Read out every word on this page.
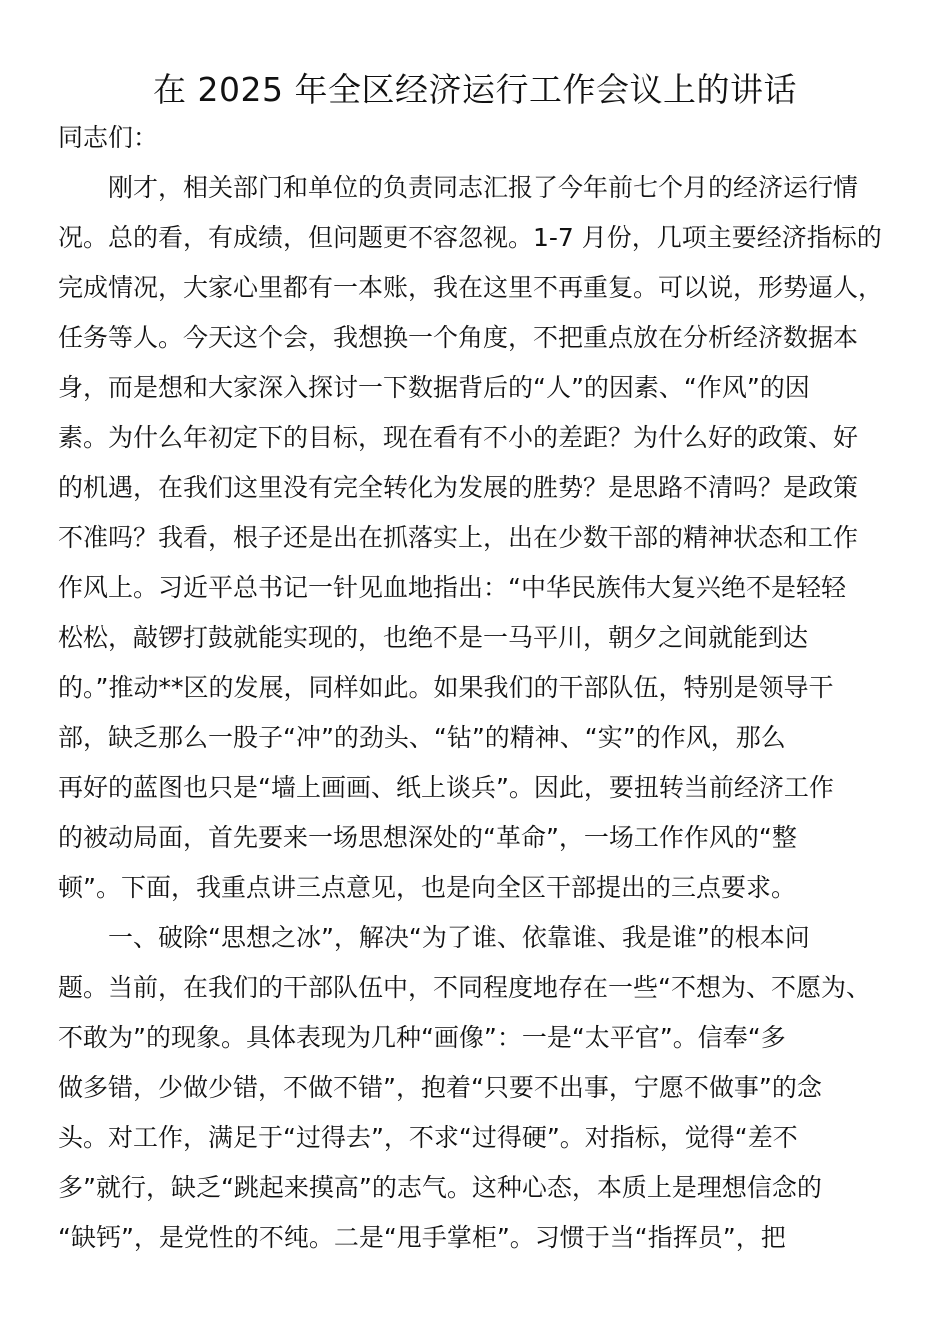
在 2025 年全区经济运行工作会议上的讲话

同志们：

刚才，相关部门和单位的负责同志汇报了今年前七个月的经济运行情
况。总的看，有成绩，但问题更不容忽视。1-7 月份，几项主要经济指标的
完成情况，大家心里都有一本账，我在这里不再重复。可以说，形势逼人，
任务等人。今天这个会，我想换一个角度，不把重点放在分析经济数据本
身，而是想和大家深入探讨一下数据背后的“人”的因素、“作风”的因
素。为什么年初定下的目标，现在看有不小的差距？为什么好的政策、好
的机遇，在我们这里没有完全转化为发展的胜势？是思路不清吗？是政策
不准吗？我看，根子还是出在抓落实上，出在少数干部的精神状态和工作
作风上。习近平总书记一针见血地指出：“中华民族伟大复兴绝不是轻轻
松松，敲锣打鼓就能实现的，也绝不是一马平川，朝夕之间就能到达
的。”推动**区的发展，同样如此。如果我们的干部队伍，特别是领导干
部，缺乏那么一股子“冲”的劲头、“钻”的精神、“实”的作风，那么
再好的蓝图也只是“墙上画画、纸上谈兵”。因此，要扭转当前经济工作
的被动局面，首先要来一场思想深处的“革命”，一场工作作风的“整
顿”。下面，我重点讲三点意见，也是向全区干部提出的三点要求。
一、破除“思想之冰”，解决“为了谁、依靠谁、我是谁”的根本问
题。当前，在我们的干部队伍中，不同程度地存在一些“不想为、不愿为、
不敢为”的现象。具体表现为几种“画像”：一是“太平官”。信奉“多
做多错，少做少错，不做不错”，抱着“只要不出事，宁愿不做事”的念
头。对工作，满足于“过得去”，不求“过得硬”。对指标，觉得“差不
多”就行，缺乏“跳起来摸高”的志气。这种心态，本质上是理想信念的
“缺钙”，是党性的不纯。二是“甩手掌柜”。习惯于当“指挥员”，把
